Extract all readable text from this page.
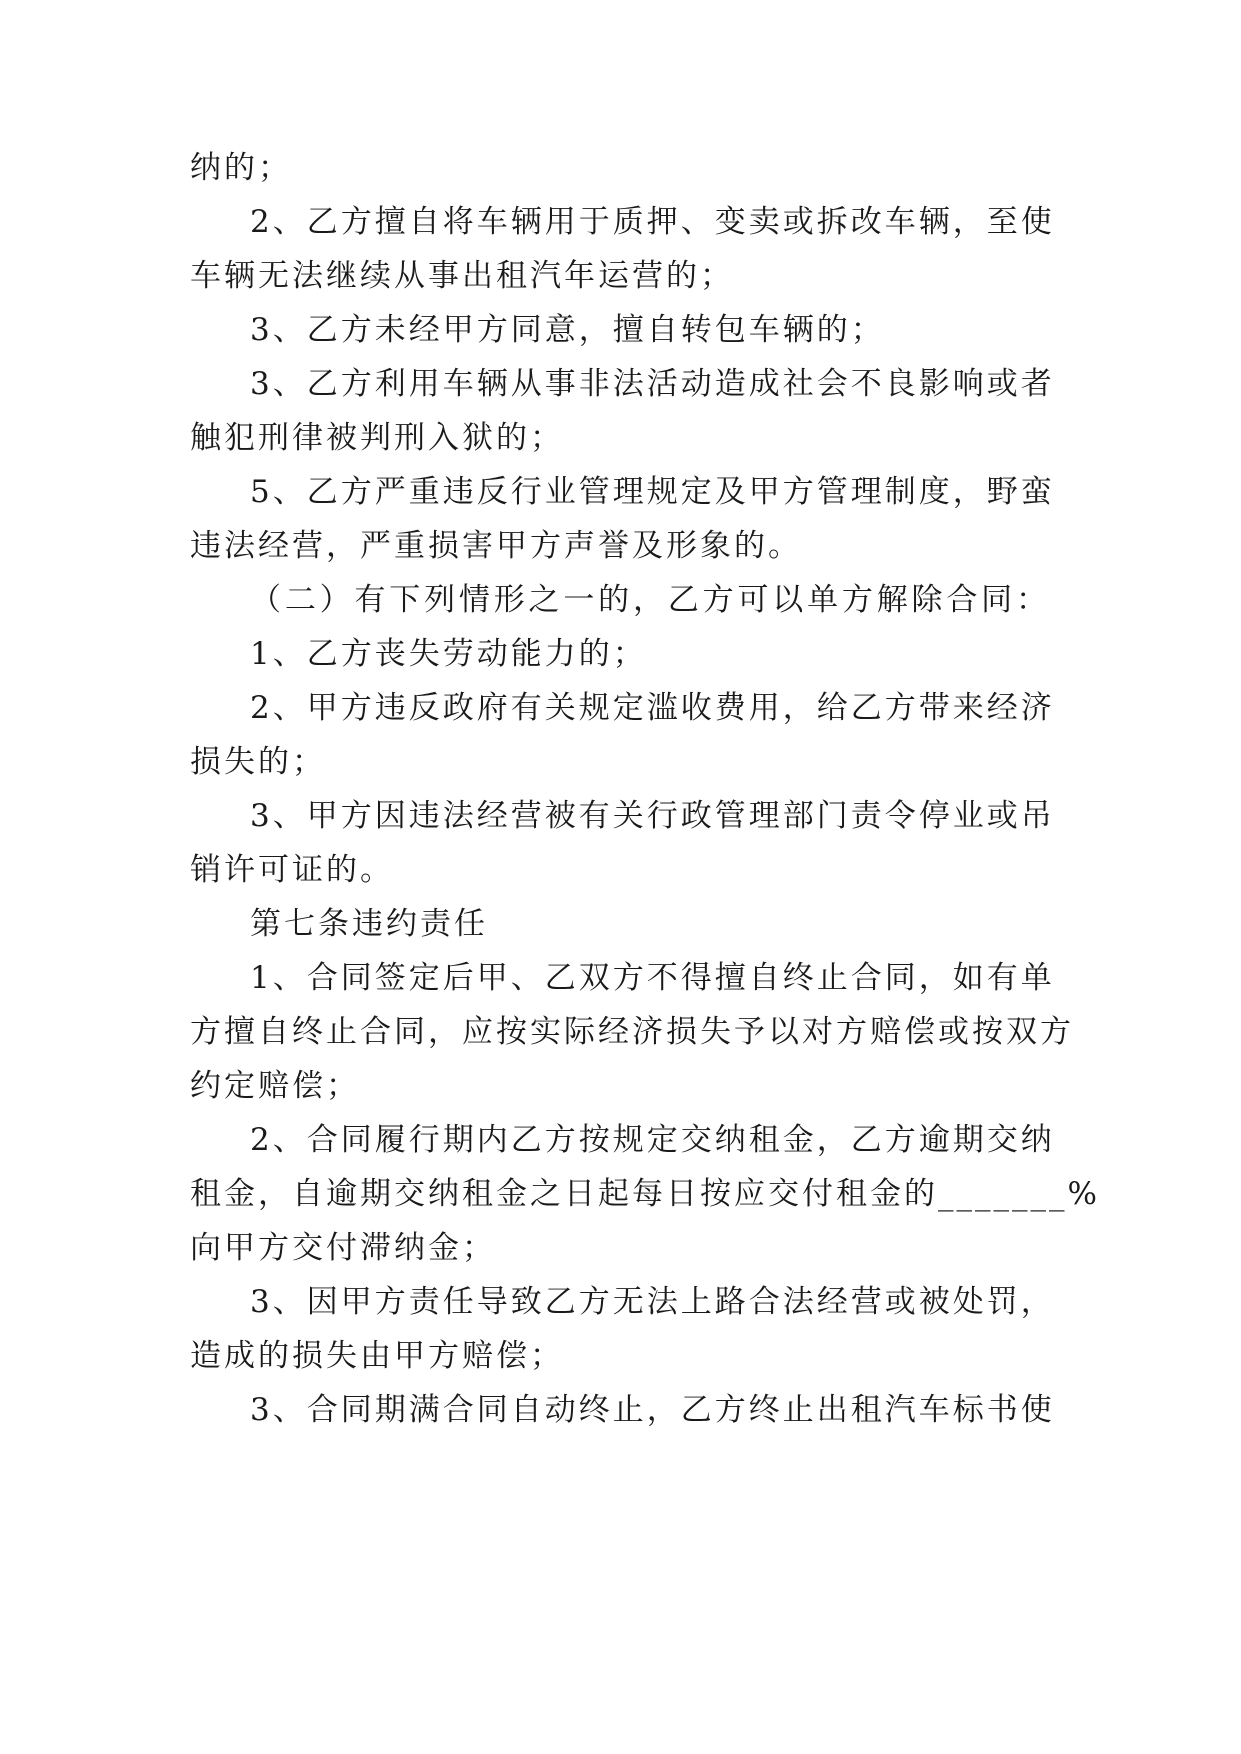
纳的；
2、乙方擅自将车辆用于质押、变卖或拆改车辆，至使
车辆无法继续从事出租汽年运营的；
3、乙方未经甲方同意，擅自转包车辆的；
3、乙方利用车辆从事非法活动造成社会不良影响或者
触犯刑律被判刑入狱的；
5、乙方严重违反行业管理规定及甲方管理制度，野蛮
违法经营，严重损害甲方声誉及形象的。
（二）有下列情形之一的，乙方可以单方解除合同：
1、乙方丧失劳动能力的；
2、甲方违反政府有关规定滥收费用，给乙方带来经济
损失的；
3、甲方因违法经营被有关行政管理部门责令停业或吊
销许可证的。
第七条违约责任
1、合同签定后甲、乙双方不得擅自终止合同，如有单
方擅自终止合同，应按实际经济损失予以对方赔偿或按双方
约定赔偿；
2、合同履行期内乙方按规定交纳租金，乙方逾期交纳
租金，自逾期交纳租金之日起每日按应交付租金的_______%
向甲方交付滞纳金；
3、因甲方责任导致乙方无法上路合法经营或被处罚，
造成的损失由甲方赔偿；
3、合同期满合同自动终止，乙方终止出租汽车标书使
